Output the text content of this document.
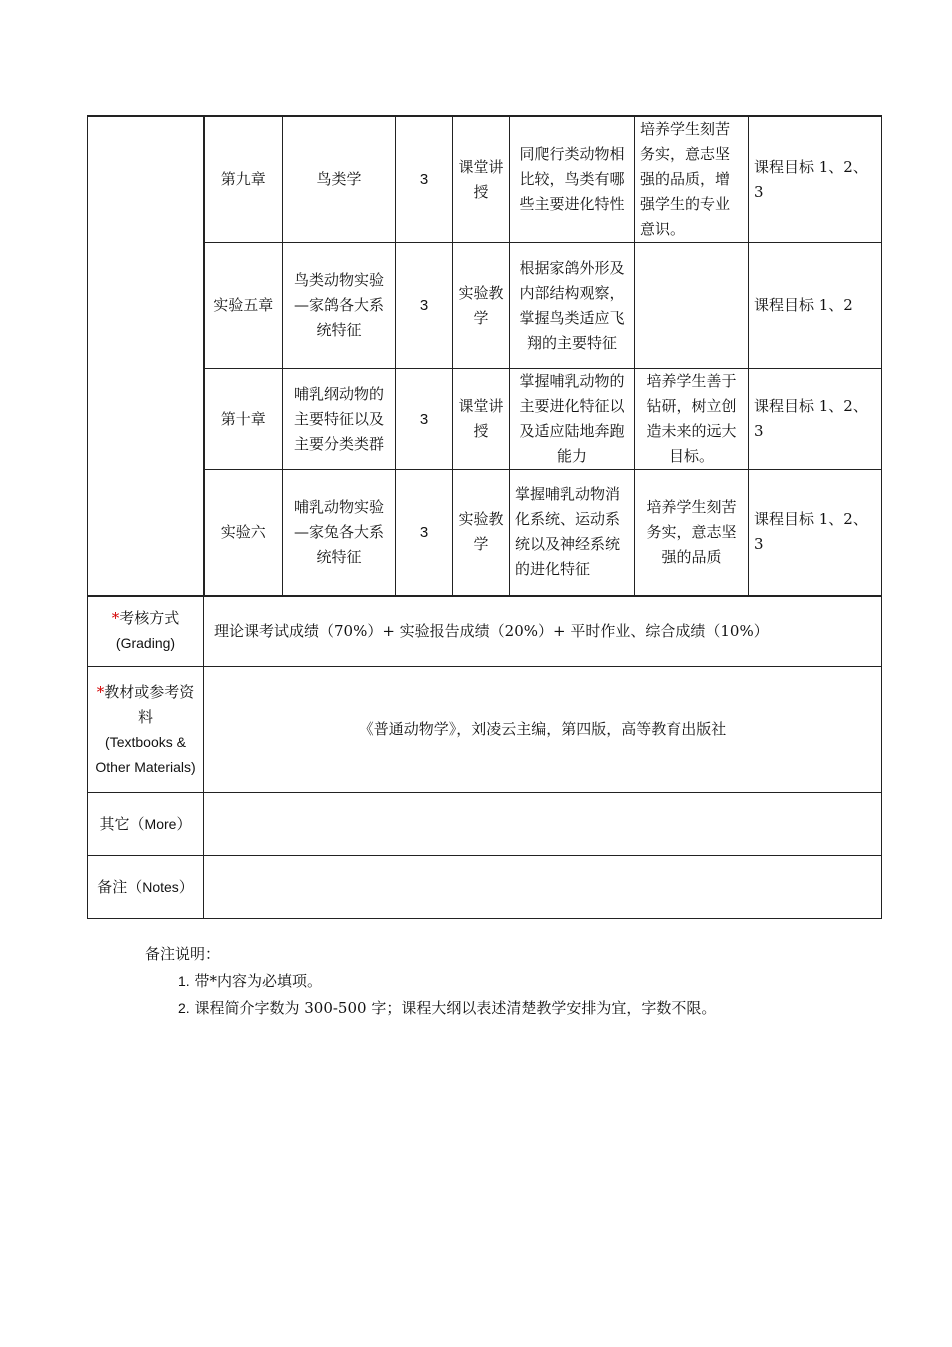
	第九章	鸟类学	3	课堂讲授	同爬行类动物相比较，鸟类有哪些主要进化特性	培养学生刻苦务实，意志坚强的品质，增强学生的专业意识。	课程目标 1、2、3
	实验五章	鸟类动物实验—家鸽各大系统特征	3	实验教学	根据家鸽外形及内部结构观察，掌握鸟类适应飞翔的主要特征		课程目标 1、2
	第十章	哺乳纲动物的主要特征以及主要分类类群	3	课堂讲授	掌握哺乳动物的主要进化特征以及适应陆地奔跑能力	培养学生善于钻研，树立创造未来的远大目标。	课程目标 1、2、3
	实验六	哺乳动物实验—家兔各大系统特征	3	实验教学	掌握哺乳动物消化系统、运动系统以及神经系统的进化特征	培养学生刻苦务实，意志坚强的品质	课程目标 1、2、3

*考核方式
(Grading)	理论课考试成绩（70%）+ 实验报告成绩（20%）+ 平时作业、综合成绩（10%）						
*教材或参考资料
(Textbooks & Other Materials)	《普通动物学》，刘凌云主编，第四版，高等教育出版社						
其它（More）							
备注（Notes）							
备注说明：
1. 带*内容为必填项。
2. 课程简介字数为 300-500 字；课程大纲以表述清楚教学安排为宜，字数不限。
